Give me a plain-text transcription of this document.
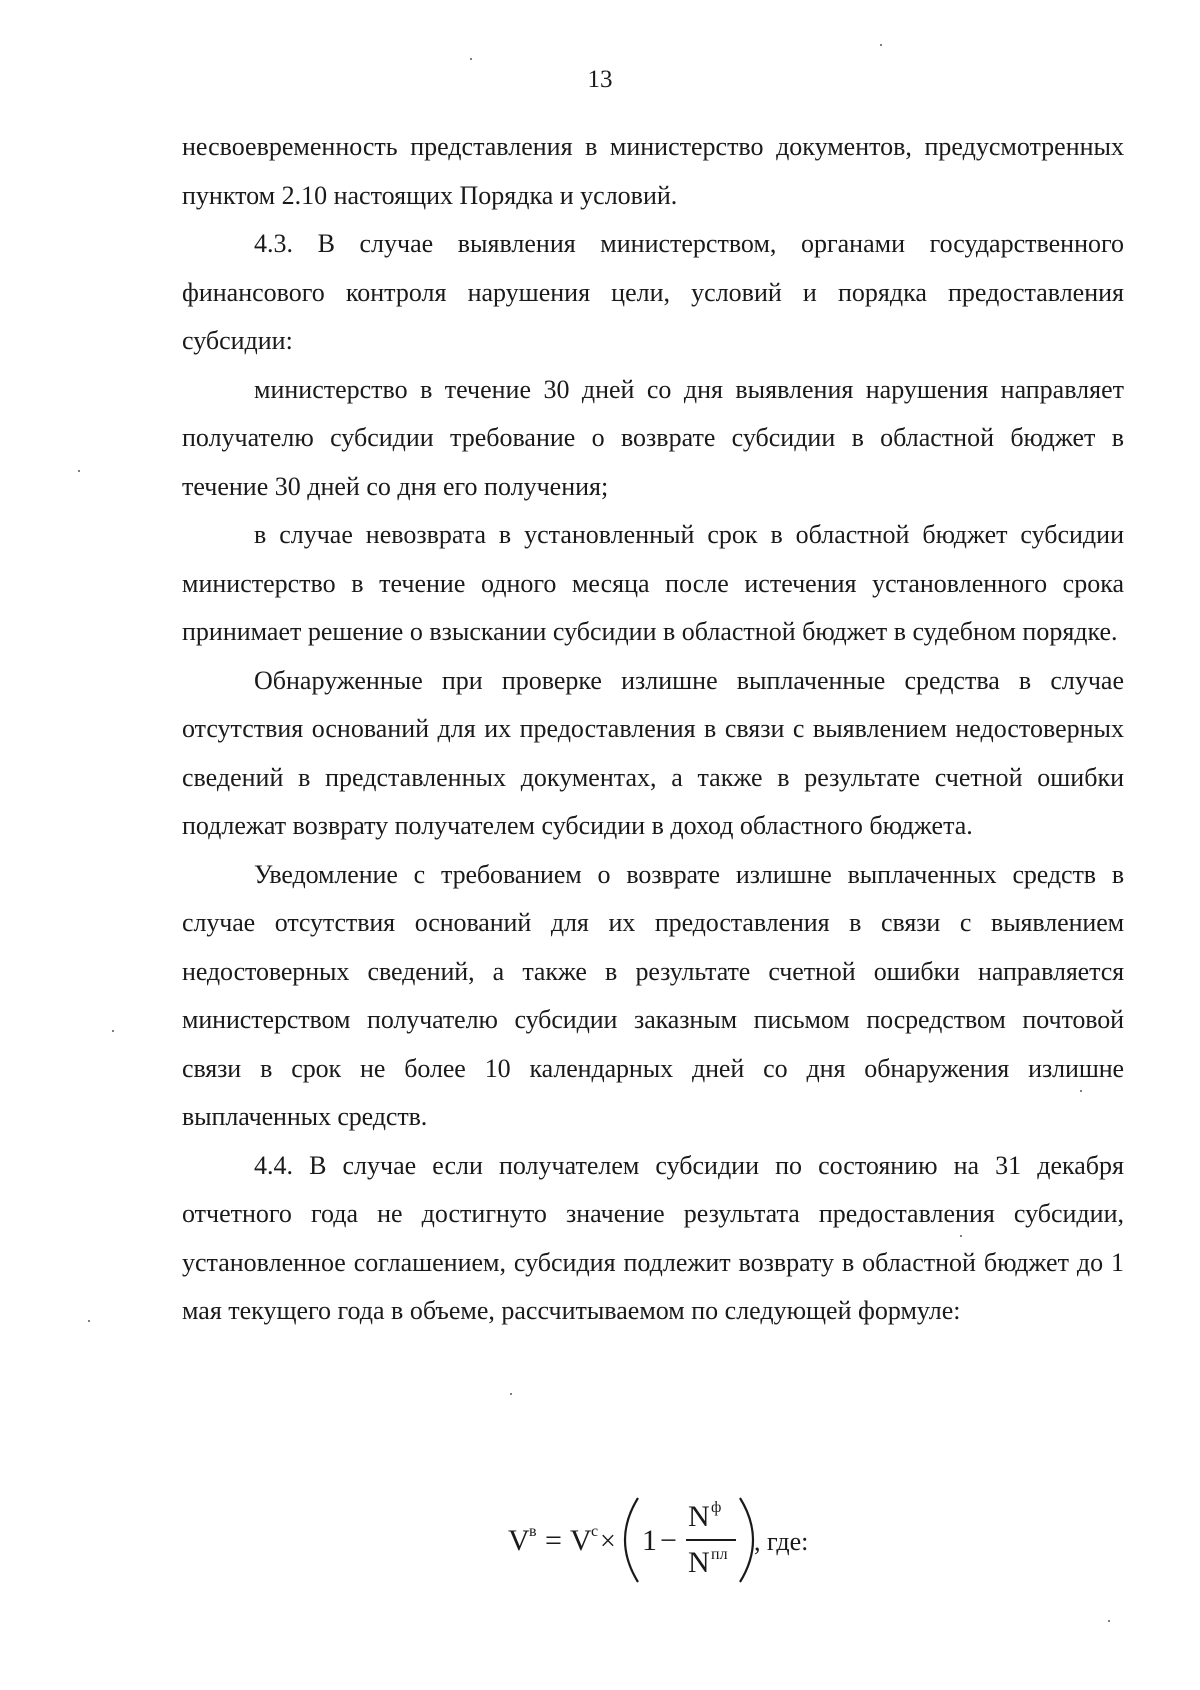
13

несвоевременность представления в министерство документов, предусмотренных пунктом 2.10 настоящих Порядка и условий.

4.3. В случае выявления министерством, органами государственного финансового контроля нарушения цели, условий и порядка предоставления субсидии:

министерство в течение 30 дней со дня выявления нарушения направляет получателю субсидии требование о возврате субсидии в областной бюджет в течение 30 дней со дня его получения;

в случае невозврата в установленный срок в областной бюджет субсидии министерство в течение одного месяца после истечения установленного срока принимает решение о взыскании субсидии в областной бюджет в судебном порядке.

Обнаруженные при проверке излишне выплаченные средства в случае отсутствия оснований для их предоставления в связи с выявлением недостоверных сведений в представленных документах, а также в результате счетной ошибки подлежат возврату получателем субсидии в доход областного бюджета.

Уведомление с требованием о возврате излишне выплаченных средств в случае отсутствия оснований для их предоставления в связи с выявлением недостоверных сведений, а также в результате счетной ошибки направляется министерством получателю субсидии заказным письмом посредством почтовой связи в срок не более 10 календарных дней со дня обнаружения излишне выплаченных средств.

4.4. В случае если получателем субсидии по состоянию на 31 декабря отчетного года не достигнуто значение результата предоставления субсидии, установленное соглашением, субсидия подлежит возврату в областной бюджет до 1 мая текущего года в объеме, рассчитываемом по следующей формуле:

V в = V c × 1 −
N ф
N пл , где:
